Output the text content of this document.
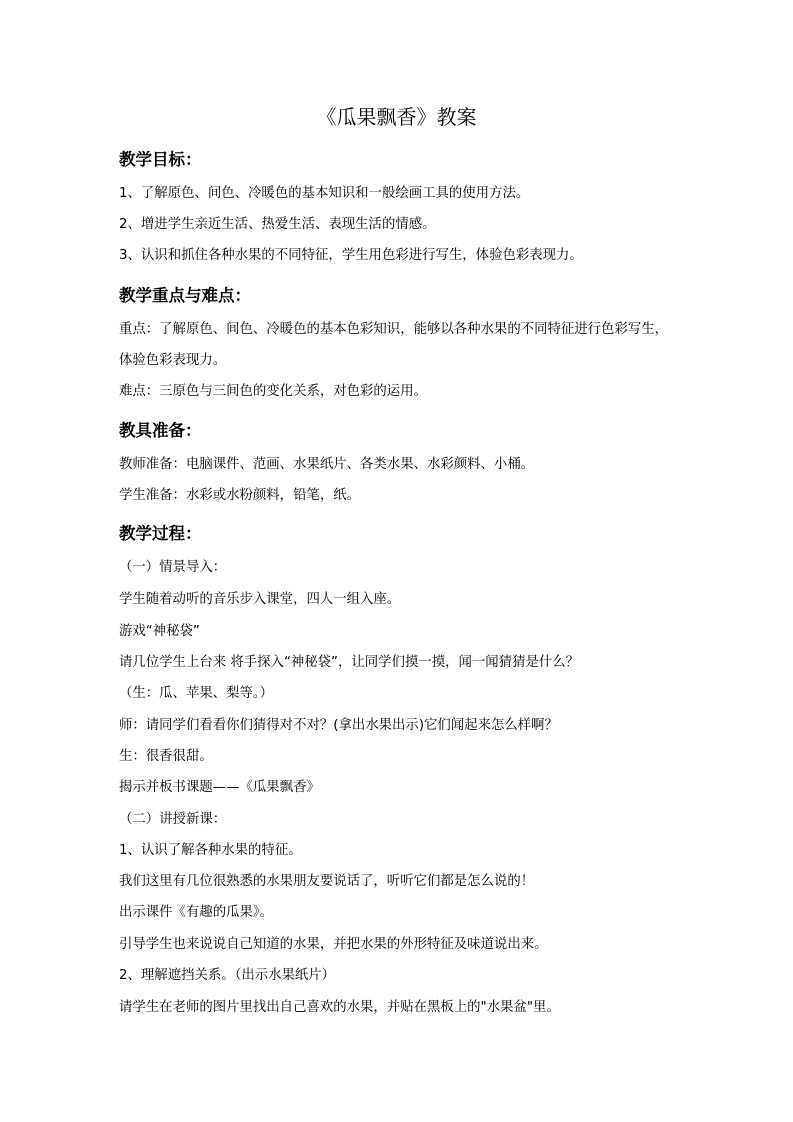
《瓜果飘香》教案
教学目标：
1、了解原色、间色、冷暖色的基本知识和一般绘画工具的使用方法。
2、增进学生亲近生活、热爱生活、表现生活的情感。
3、认识和抓住各种水果的不同特征，学生用色彩进行写生，体验色彩表现力。
教学重点与难点：
重点：了解原色、间色、冷暖色的基本色彩知识，能够以各种水果的不同特征进行色彩写生，
体验色彩表现力。
难点：三原色与三间色的变化关系，对色彩的运用。
教具准备：
教师准备：电脑课件、范画、水果纸片、各类水果、水彩颜料、小桶。
学生准备：水彩或水粉颜料，铅笔，纸。
教学过程：
（一）情景导入：
学生随着动听的音乐步入课堂，四人一组入座。
游戏“神秘袋”
请几位学生上台来 将手探入“神秘袋”，让同学们摸一摸，闻一闻猜猜是什么？
（生：瓜、苹果、梨等。）
师：请同学们看看你们猜得对不对？(拿出水果出示)它们闻起来怎么样啊？
生：很香很甜。
揭示并板书课题——《瓜果飘香》
（二）讲授新课：
1、认识了解各种水果的特征。
我们这里有几位很熟悉的水果朋友要说话了，听听它们都是怎么说的！
出示课件《有趣的瓜果》。
引导学生也来说说自己知道的水果，并把水果的外形特征及味道说出来。
2、理解遮挡关系。（出示水果纸片）
请学生在老师的图片里找出自己喜欢的水果，并贴在黑板上的"水果盆"里。
